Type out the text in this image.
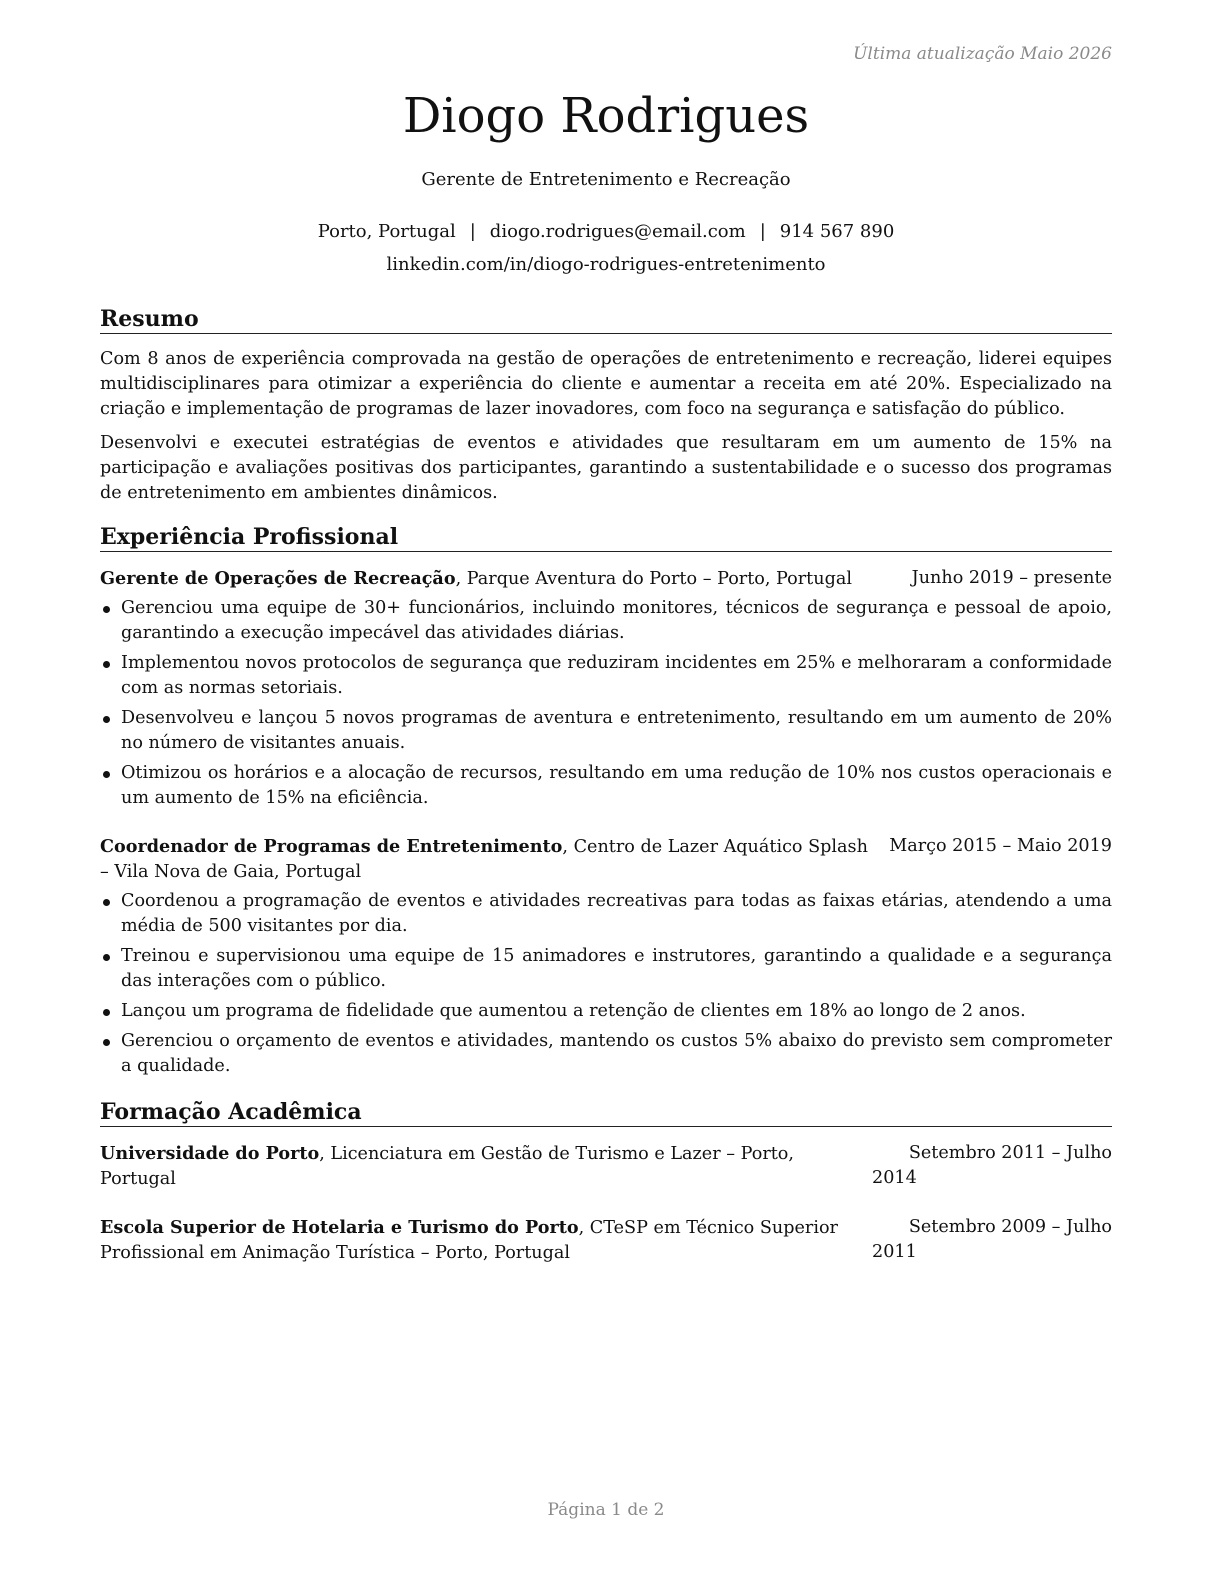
Última atualização Maio 2026
Diogo Rodrigues
Gerente de Entretenimento e Recreação
Porto, Portugal | diogo.rodrigues@email.com | 914 567 890
linkedin.com/in/diogo-rodrigues-entretenimento
Resumo
Com 8 anos de experiência comprovada na gestão de operações de entretenimento e recreação, liderei equipes multidisciplinares para otimizar a experiência do cliente e aumentar a receita em até 20%. Especializado na criação e implementação de programas de lazer inovadores, com foco na segurança e satisfação do público.
Desenvolvi e executei estratégias de eventos e atividades que resultaram em um aumento de 15% na participação e avaliações positivas dos participantes, garantindo a sustentabilidade e o sucesso dos programas de entretenimento em ambientes dinâmicos.
Experiência Profissional
Gerente de Operações de Recreação, Parque Aventura do Porto – Porto, Portugal	Junho 2019 – presente
Gerenciou uma equipe de 30+ funcionários, incluindo monitores, técnicos de segurança e pessoal de apoio, garantindo a execução impecável das atividades diárias.
Implementou novos protocolos de segurança que reduziram incidentes em 25% e melhoraram a conformidade com as normas setoriais.
Desenvolveu e lançou 5 novos programas de aventura e entretenimento, resultando em um aumento de 20% no número de visitantes anuais.
Otimizou os horários e a alocação de recursos, resultando em uma redução de 10% nos custos operacionais e um aumento de 15% na eficiência.
Coordenador de Programas de Entretenimento, Centro de Lazer Aquático Splash – Vila Nova de Gaia, Portugal
Março 2015 – Maio 2019
Coordenou a programação de eventos e atividades recreativas para todas as faixas etárias, atendendo a uma média de 500 visitantes por dia.
Treinou e supervisionou uma equipe de 15 animadores e instrutores, garantindo a qualidade e a segurança das interações com o público.
Lançou um programa de fidelidade que aumentou a retenção de clientes em 18% ao longo de 2 anos.
Gerenciou o orçamento de eventos e atividades, mantendo os custos 5% abaixo do previsto sem comprometer a qualidade.
Formação Acadêmica
Universidade do Porto, Licenciatura em Gestão de Turismo e Lazer – Porto, Portugal
Setembro 2011 – Julho 2014
Escola Superior de Hotelaria e Turismo do Porto, CTeSP em Técnico Superior Profissional em Animação Turística – Porto, Portugal
Setembro 2009 – Julho 2011
Página 1 de 2
